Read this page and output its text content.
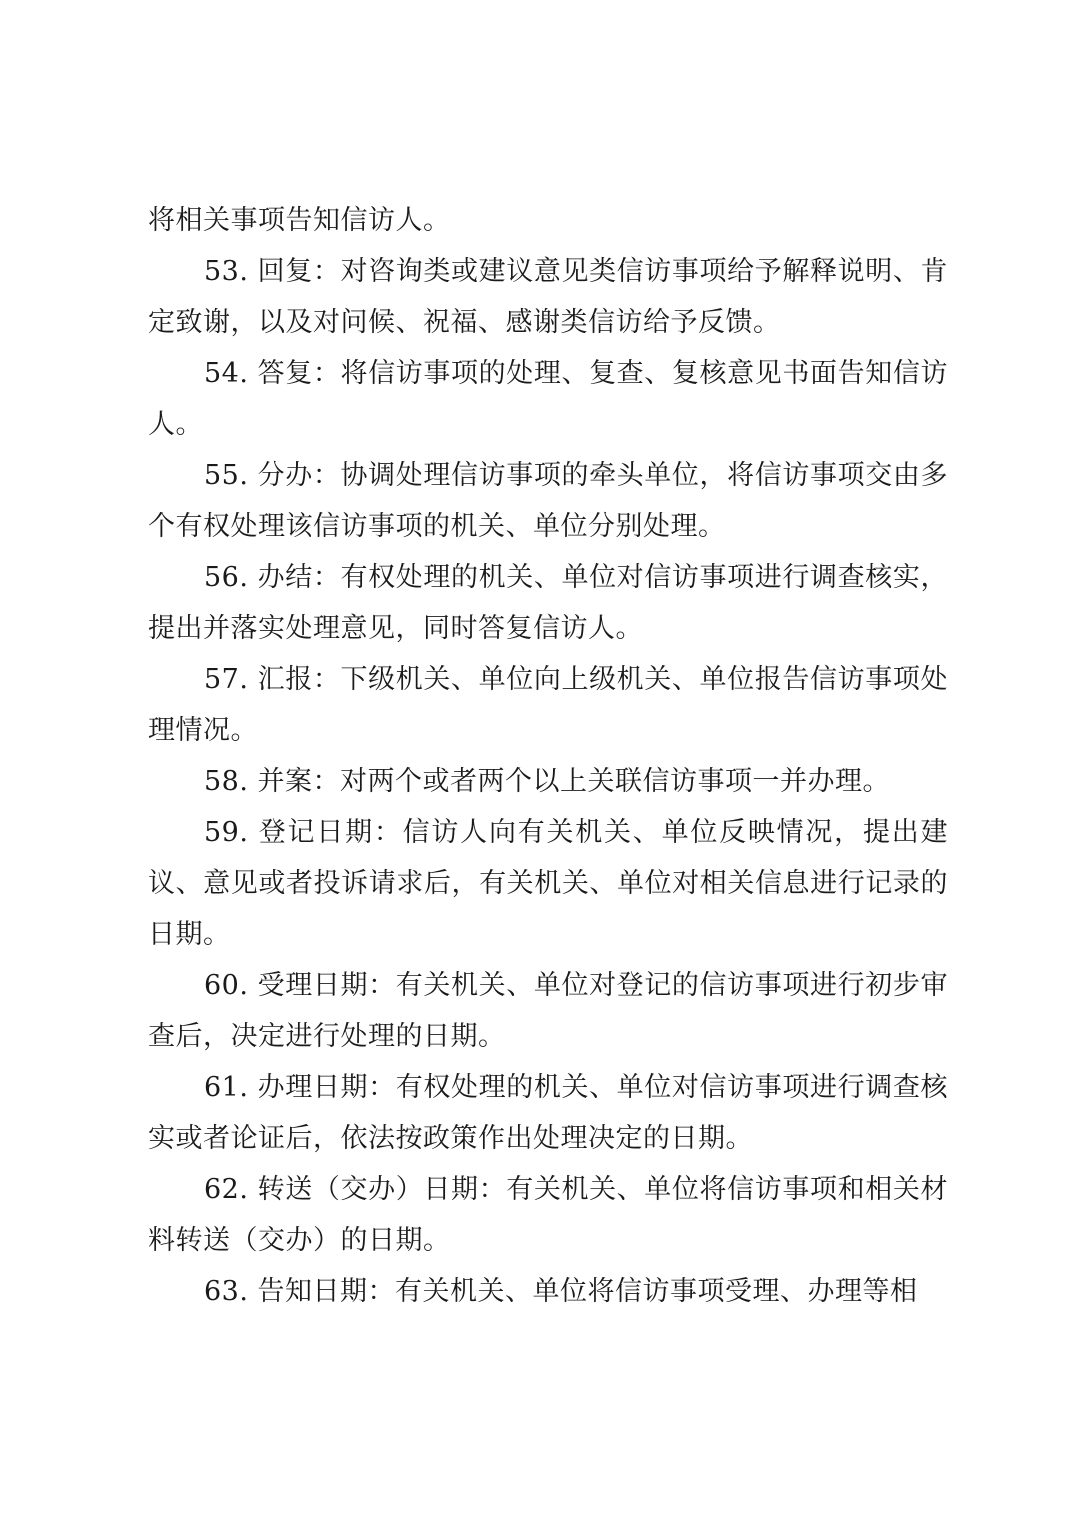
将相关事项告知信访人。

53. 回复：对咨询类或建议意见类信访事项给予解释说明、肯定致谢，以及对问候、祝福、感谢类信访给予反馈。

54. 答复：将信访事项的处理、复查、复核意见书面告知信访人。

55. 分办：协调处理信访事项的牵头单位，将信访事项交由多个有权处理该信访事项的机关、单位分别处理。

56. 办结：有权处理的机关、单位对信访事项进行调查核实，提出并落实处理意见，同时答复信访人。

57. 汇报：下级机关、单位向上级机关、单位报告信访事项处理情况。

58. 并案：对两个或者两个以上关联信访事项一并办理。

59. 登记日期：信访人向有关机关、单位反映情况，提出建议、意见或者投诉请求后，有关机关、单位对相关信息进行记录的日期。

60. 受理日期：有关机关、单位对登记的信访事项进行初步审查后，决定进行处理的日期。

61. 办理日期：有权处理的机关、单位对信访事项进行调查核实或者论证后，依法按政策作出处理决定的日期。

62. 转送（交办）日期：有关机关、单位将信访事项和相关材料转送（交办）的日期。

63. 告知日期：有关机关、单位将信访事项受理、办理等相
